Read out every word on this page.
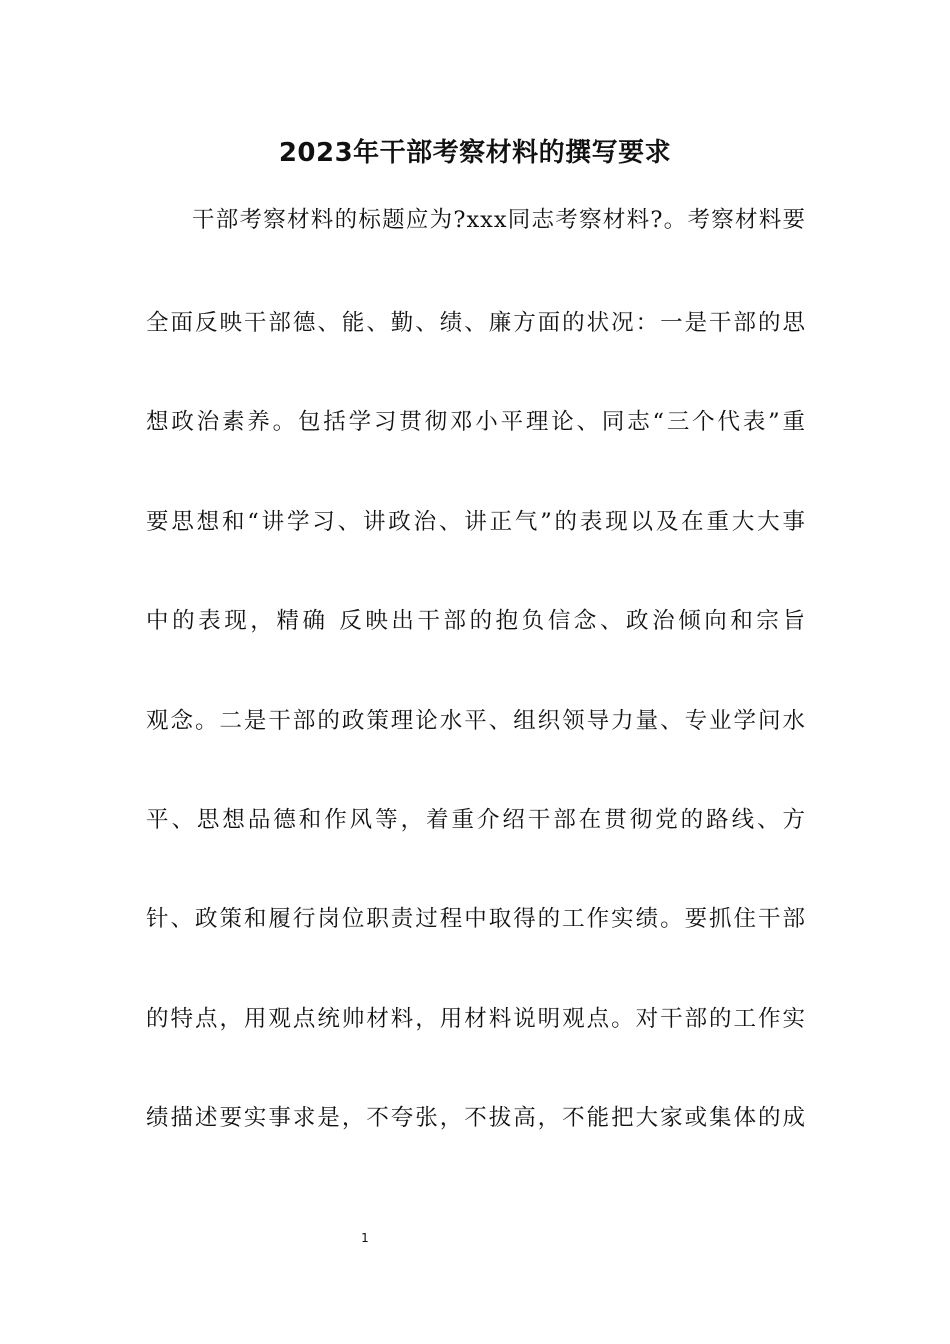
2023年干部考察材料的撰写要求
干部考察材料的标题应为?xxx同志考察材料?。考察材料要
全面反映干部德、能、勤、绩、廉方面的状况：一是干部的思
想政治素养。包括学习贯彻邓小平理论、同志“三个代表”重
要思想和“讲学习、讲政治、讲正气”的表现以及在重大大事
中的表现，精确 反映出干部的抱负信念、政治倾向和宗旨
观念。二是干部的政策理论水平、组织领导力量、专业学问水
平、思想品德和作风等，着重介绍干部在贯彻党的路线、方
针、政策和履行岗位职责过程中取得的工作实绩。要抓住干部
的特点，用观点统帅材料，用材料说明观点。对干部的工作实
绩描述要实事求是，不夸张，不拔高，不能把大家或集体的成
1
